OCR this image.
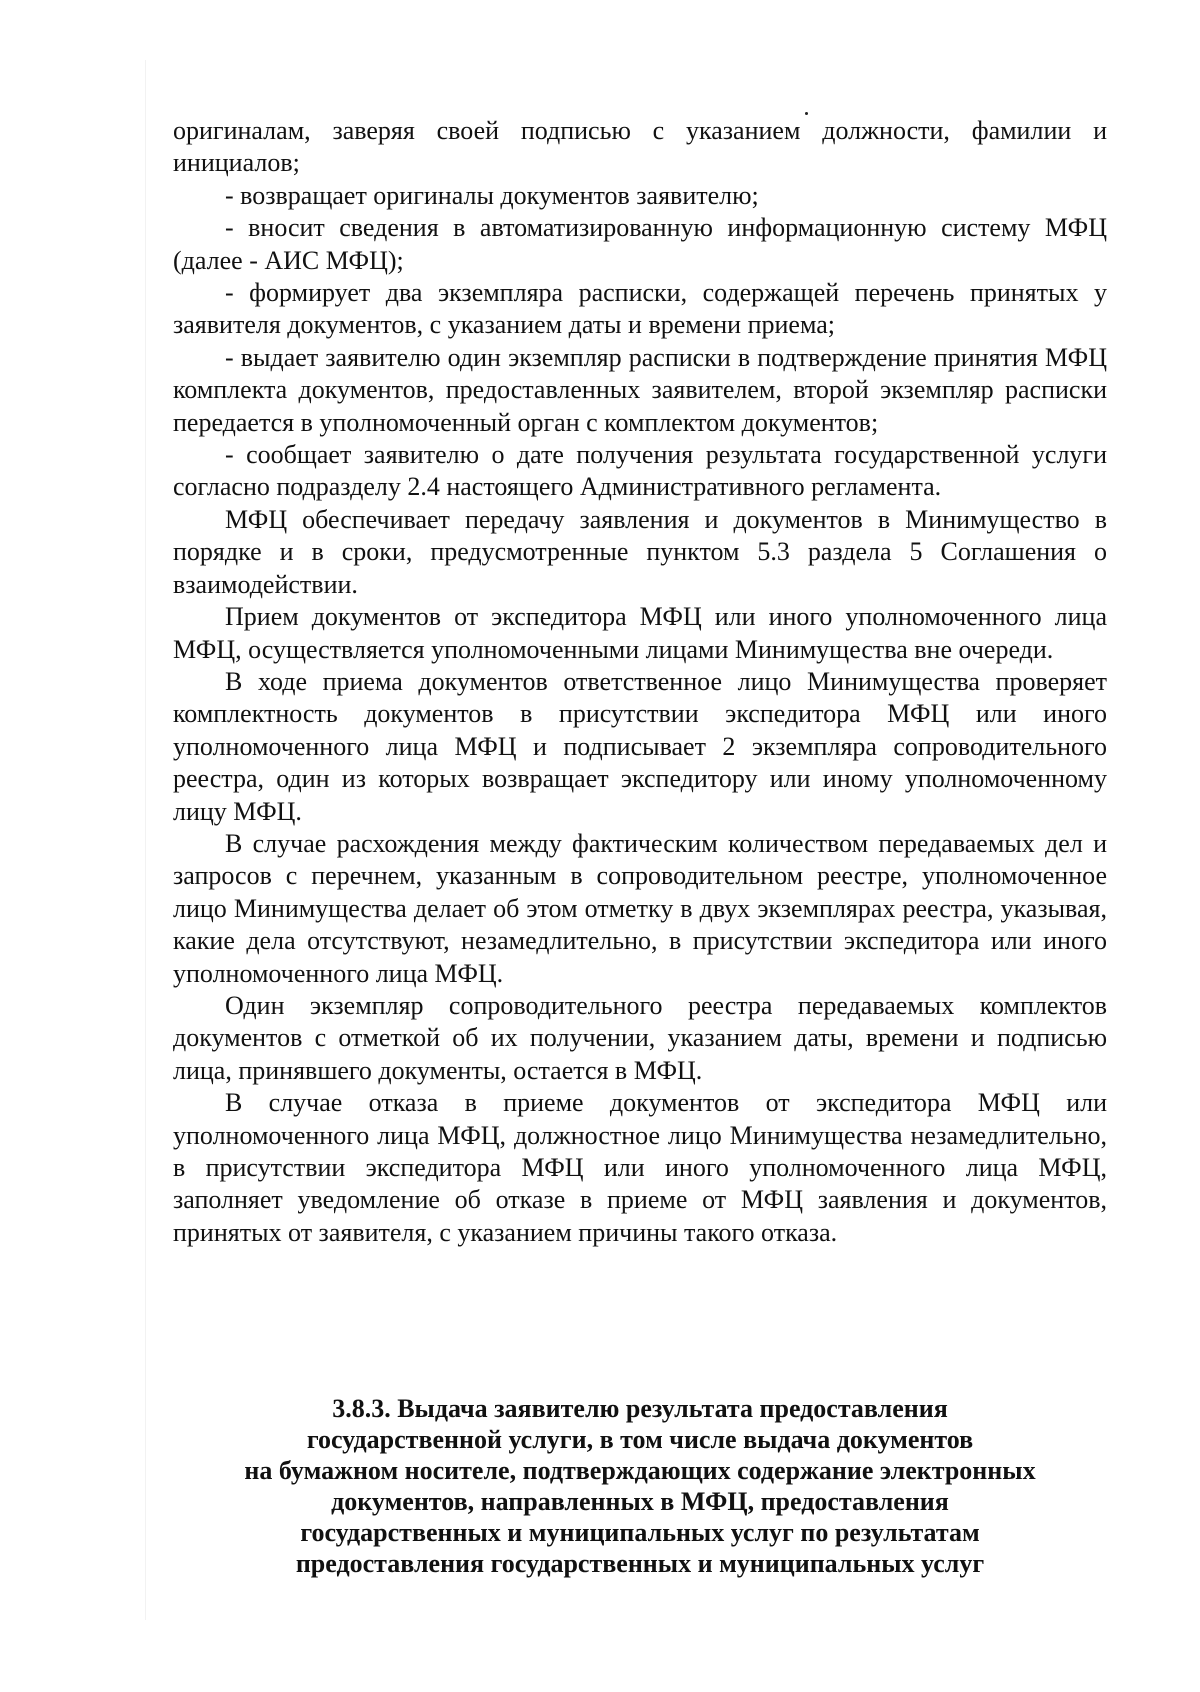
оригиналам, заверяя своей подписью с указанием должности, фамилии и инициалов;

- возвращает оригиналы документов заявителю;

- вносит сведения в автоматизированную информационную систему МФЦ (далее - АИС МФЦ);

- формирует два экземпляра расписки, содержащей перечень принятых у заявителя документов, с указанием даты и времени приема;

- выдает заявителю один экземпляр расписки в подтверждение принятия МФЦ комплекта документов, предоставленных заявителем, второй экземпляр расписки передается в уполномоченный орган с комплектом документов;

- сообщает заявителю о дате получения результата государственной услуги согласно подразделу 2.4 настоящего Административного регламента.

МФЦ обеспечивает передачу заявления и документов в Минимущество в порядке и в сроки, предусмотренные пунктом 5.3 раздела 5 Соглашения о взаимодействии.

Прием документов от экспедитора МФЦ или иного уполномоченного лица МФЦ, осуществляется уполномоченными лицами Минимущества вне очереди.

В ходе приема документов ответственное лицо Минимущества проверяет комплектность документов в присутствии экспедитора МФЦ или иного уполномоченного лица МФЦ и подписывает 2 экземпляра сопроводительного реестра, один из которых возвращает экспедитору или иному уполномоченному лицу МФЦ.

В случае расхождения между фактическим количеством передаваемых дел и запросов с перечнем, указанным в сопроводительном реестре, уполномоченное лицо Минимущества делает об этом отметку в двух экземплярах реестра, указывая, какие дела отсутствуют, незамедлительно, в присутствии экспедитора или иного уполномоченного лица МФЦ.

Один экземпляр сопроводительного реестра передаваемых комплектов документов с отметкой об их получении, указанием даты, времени и подписью лица, принявшего документы, остается в МФЦ.

В случае отказа в приеме документов от экспедитора МФЦ или уполномоченного лица МФЦ, должностное лицо Минимущества незамедлительно, в присутствии экспедитора МФЦ или иного уполномоченного лица МФЦ, заполняет уведомление об отказе в приеме от МФЦ заявления и документов, принятых от заявителя, с указанием причины такого отказа.

3.8.3. Выдача заявителю результата предоставления
государственной услуги, в том числе выдача документов
на бумажном носителе, подтверждающих содержание электронных
документов, направленных в МФЦ, предоставления
государственных и муниципальных услуг по результатам
предоставления государственных и муниципальных услуг
